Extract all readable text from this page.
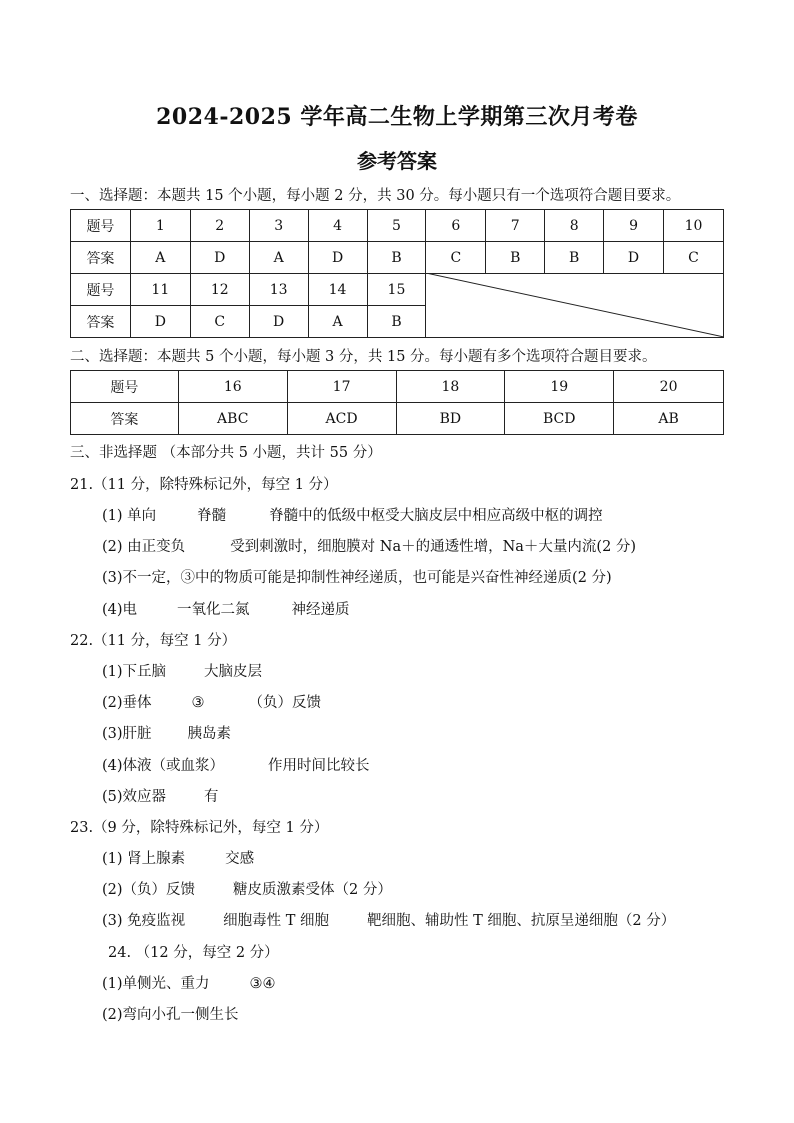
2024-2025 学年高二生物上学期第三次月考卷
参考答案
一、选择题：本题共 15 个小题，每小题 2 分，共 30 分。每小题只有一个选项符合题目要求。
题号	1	2	3	4	5	6	7	8	9	10
答案	A	D	A	D	B	C	B	B	D	C
题号	11	12	13	14	15					
答案	D	C	D	A	B					
二、选择题：本题共 5 个小题，每小题 3 分，共 15 分。每小题有多个选项符合题目要求。
题号	16	17	18	19	20
答案	ABC	ACD	BD	BCD	AB
三、非选择题 （本部分共 5 小题，共计 55 分）
21.（11 分，除特殊标记外，每空 1 分）
(1) 单向	脊髓	脊髓中的低级中枢受大脑皮层中相应高级中枢的调控
(2) 由正变负	受到刺激时，细胞膜对 Na＋的通透性增，Na＋大量内流(2 分)
(3)不一定，③中的物质可能是抑制性神经递质，也可能是兴奋性神经递质(2 分)
(4)电	一氧化二氮	神经递质
22.（11 分，每空 1 分）
(1)下丘脑	大脑皮层
(2)垂体	③	（负）反馈
(3)肝脏 胰岛素
(4)体液（或血浆）	作用时间比较长
(5)效应器	有
23.（9 分，除特殊标记外，每空 1 分）
(1) 肾上腺素	交感
(2)（负）反馈	糖皮质激素受体（2 分）
(3) 免疫监视	细胞毒性 T 细胞	靶细胞、辅助性 T 细胞、抗原呈递细胞（2 分）
24. （12 分，每空 2 分）
(1)单侧光、重力	③④
(2)弯向小孔一侧生长
